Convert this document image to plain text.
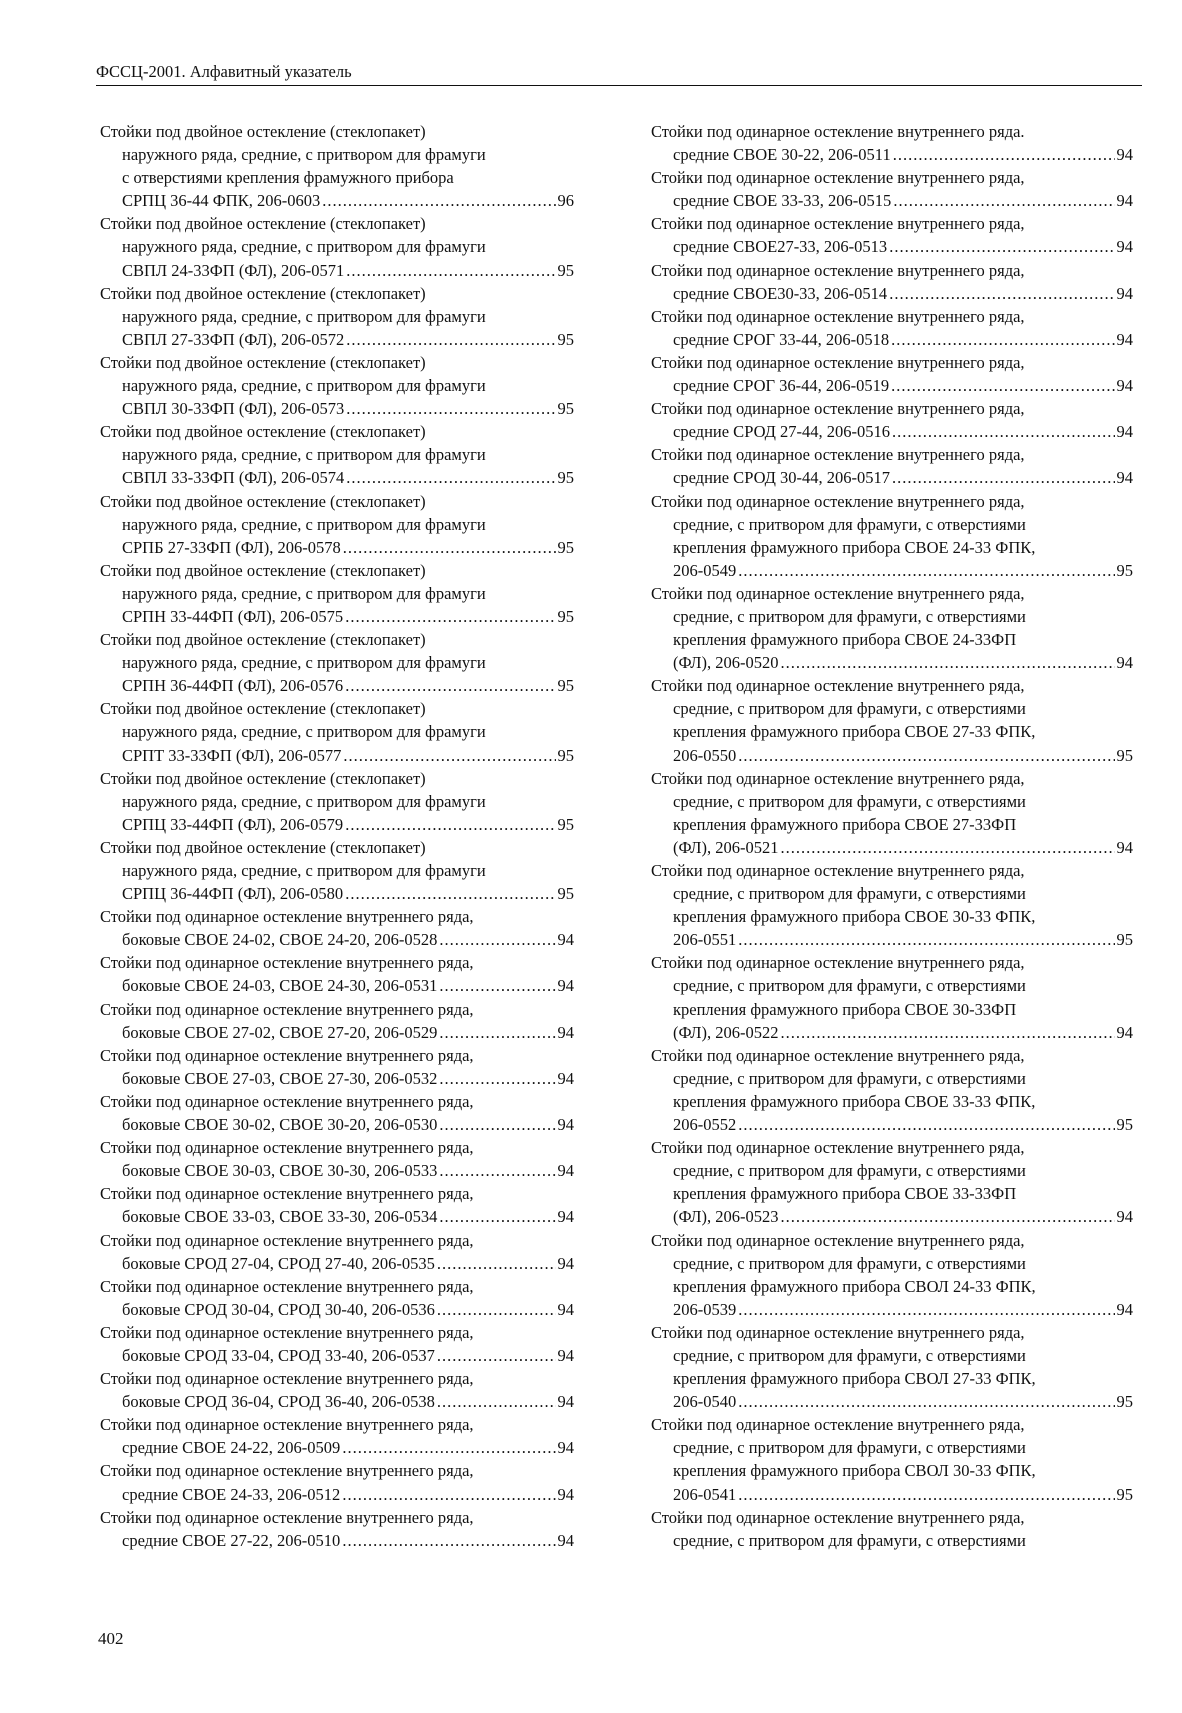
ФССЦ-2001. Алфавитный указатель
Стойки под двойное остекление (стеклопакет)
наружного ряда, средние, с притвором для фрамуги
с отверстиями крепления фрамужного прибора
СРПЦ 36-44 ФПК, 206-0603 .....	96
Стойки под двойное остекление (стеклопакет)
наружного ряда, средние, с притвором для фрамуги
СВПЛ 24-33ФП (ФЛ), 206-0571 .....	95
Стойки под двойное остекление (стеклопакет)
наружного ряда, средние, с притвором для фрамуги
СВПЛ 27-33ФП (ФЛ), 206-0572 .....	95
Стойки под двойное остекление (стеклопакет)
наружного ряда, средние, с притвором для фрамуги
СВПЛ 30-33ФП (ФЛ), 206-0573 .....	95
Стойки под двойное остекление (стеклопакет)
наружного ряда, средние, с притвором для фрамуги
СВПЛ 33-33ФП (ФЛ), 206-0574 .....	95
Стойки под двойное остекление (стеклопакет)
наружного ряда, средние, с притвором для фрамуги
СРПБ 27-33ФП (ФЛ), 206-0578 .....	95
Стойки под двойное остекление (стеклопакет)
наружного ряда, средние, с притвором для фрамуги
СРПН 33-44ФП (ФЛ), 206-0575 .....	95
Стойки под двойное остекление (стеклопакет)
наружного ряда, средние, с притвором для фрамуги
СРПН 36-44ФП (ФЛ), 206-0576 .....	95
Стойки под двойное остекление (стеклопакет)
наружного ряда, средние, с притвором для фрамуги
СРПТ 33-33ФП (ФЛ), 206-0577 .....	95
Стойки под двойное остекление (стеклопакет)
наружного ряда, средние, с притвором для фрамуги
СРПЦ 33-44ФП (ФЛ), 206-0579 .....	95
Стойки под двойное остекление (стеклопакет)
наружного ряда, средние, с притвором для фрамуги
СРПЦ 36-44ФП (ФЛ), 206-0580 .....	95
Стойки под одинарное остекление внутреннего ряда,
боковые СВОЕ 24-02, СВОЕ 24-20, 206-0528 .....	94
Стойки под одинарное остекление внутреннего ряда,
боковые СВОЕ 24-03, СВОЕ 24-30, 206-0531 .....	94
Стойки под одинарное остекление внутреннего ряда,
боковые СВОЕ 27-02, СВОЕ 27-20, 206-0529 .....	94
Стойки под одинарное остекление внутреннего ряда,
боковые СВОЕ 27-03, СВОЕ 27-30, 206-0532 .....	94
Стойки под одинарное остекление внутреннего ряда,
боковые СВОЕ 30-02, СВОЕ 30-20, 206-0530 .....	94
Стойки под одинарное остекление внутреннего ряда,
боковые СВОЕ 30-03, СВОЕ 30-30, 206-0533 .....	94
Стойки под одинарное остекление внутреннего ряда,
боковые СВОЕ 33-03, СВОЕ 33-30, 206-0534 .....	94
Стойки под одинарное остекление внутреннего ряда,
боковые СРОД 27-04, СРОД 27-40, 206-0535 .....	94
Стойки под одинарное остекление внутреннего ряда,
боковые СРОД 30-04, СРОД 30-40, 206-0536 .....	94
Стойки под одинарное остекление внутреннего ряда,
боковые СРОД 33-04, СРОД 33-40, 206-0537 .....	94
Стойки под одинарное остекление внутреннего ряда,
боковые СРОД 36-04, СРОД 36-40, 206-0538 .....	94
Стойки под одинарное остекление внутреннего ряда,
средние СВОЕ 24-22, 206-0509 .....	94
Стойки под одинарное остекление внутреннего ряда,
средние СВОЕ 24-33, 206-0512 .....	94
Стойки под одинарное остекление внутреннего ряда,
средние СВОЕ 27-22, 206-0510 .....	94
Стойки под одинарное остекление внутреннего ряда.
средние СВОЕ 30-22, 206-0511 .....	94
Стойки под одинарное остекление внутреннего ряда,
средние СВОЕ 33-33, 206-0515 .....	94
Стойки под одинарное остекление внутреннего ряда,
средние СВОЕ27-33, 206-0513 .....	94
Стойки под одинарное остекление внутреннего ряда,
средние СВОЕ30-33, 206-0514 .....	94
Стойки под одинарное остекление внутреннего ряда,
средние СРОГ 33-44, 206-0518 .....	94
Стойки под одинарное остекление внутреннего ряда,
средние СРОГ 36-44, 206-0519 .....	94
Стойки под одинарное остекление внутреннего ряда,
средние СРОД 27-44, 206-0516 .....	94
Стойки под одинарное остекление внутреннего ряда,
средние СРОД 30-44, 206-0517 .....	94
Стойки под одинарное остекление внутреннего ряда,
средние, с притвором для фрамуги, с отверстиями
крепления фрамужного прибора СВОЕ 24-33 ФПК,
206-0549 .....	95
Стойки под одинарное остекление внутреннего ряда,
средние, с притвором для фрамуги, с отверстиями
крепления фрамужного прибора СВОЕ 24-33ФП
(ФЛ), 206-0520 .....	94
Стойки под одинарное остекление внутреннего ряда,
средние, с притвором для фрамуги, с отверстиями
крепления фрамужного прибора СВОЕ 27-33 ФПК,
206-0550 .....	95
Стойки под одинарное остекление внутреннего ряда,
средние, с притвором для фрамуги, с отверстиями
крепления фрамужного прибора СВОЕ 27-33ФП
(ФЛ), 206-0521 .....	94
Стойки под одинарное остекление внутреннего ряда,
средние, с притвором для фрамуги, с отверстиями
крепления фрамужного прибора СВОЕ 30-33 ФПК,
206-0551 .....	95
Стойки под одинарное остекление внутреннего ряда,
средние, с притвором для фрамуги, с отверстиями
крепления фрамужного прибора СВОЕ 30-33ФП
(ФЛ), 206-0522 .....	94
Стойки под одинарное остекление внутреннего ряда,
средние, с притвором для фрамуги, с отверстиями
крепления фрамужного прибора СВОЕ 33-33 ФПК,
206-0552 .....	95
Стойки под одинарное остекление внутреннего ряда,
средние, с притвором для фрамуги, с отверстиями
крепления фрамужного прибора СВОЕ 33-33ФП
(ФЛ), 206-0523 .....	94
Стойки под одинарное остекление внутреннего ряда,
средние, с притвором для фрамуги, с отверстиями
крепления фрамужного прибора СВОЛ 24-33 ФПК,
206-0539 .....	94
Стойки под одинарное остекление внутреннего ряда,
средние, с притвором для фрамуги, с отверстиями
крепления фрамужного прибора СВОЛ 27-33 ФПК,
206-0540 .....	95
Стойки под одинарное остекление внутреннего ряда,
средние, с притвором для фрамуги, с отверстиями
крепления фрамужного прибора СВОЛ 30-33 ФПК,
206-0541 .....	95
Стойки под одинарное остекление внутреннего ряда,
средние, с притвором для фрамуги, с отверстиями
402
